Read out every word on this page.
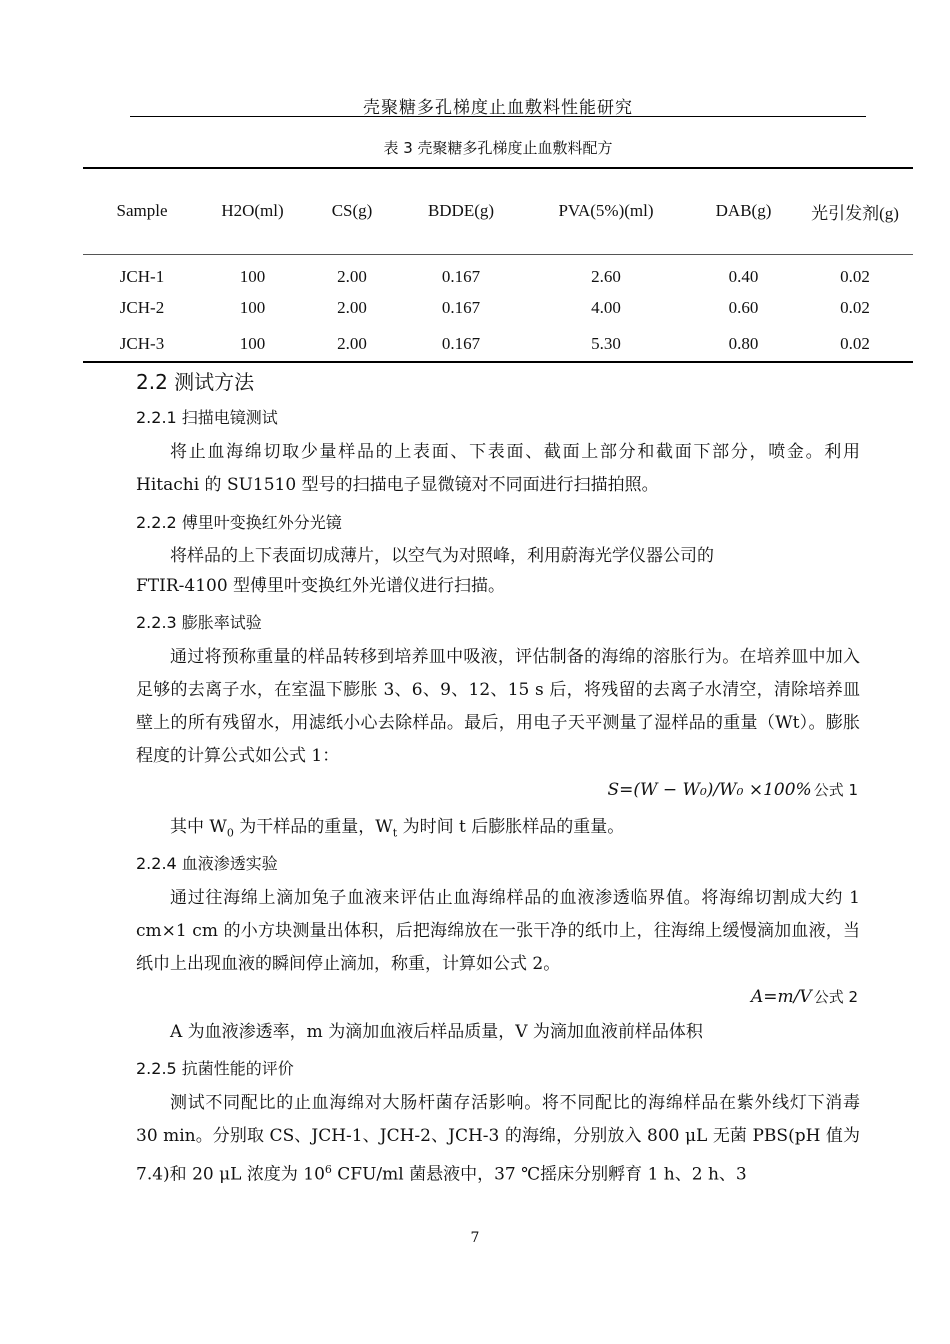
壳聚糖多孔梯度止血敷料性能研究
表 3 壳聚糖多孔梯度止血敷料配方
Sample	H2O(ml)	CS(g)	BDDE(g)	PVA(5%)(ml)	DAB(g)	光引发剂(g)
JCH-1	100	2.00	0.167	2.60	0.40	0.02
JCH-2	100	2.00	0.167	4.00	0.60	0.02
JCH-3	100	2.00	0.167	5.30	0.80	0.02
2.2 测试方法
2.2.1 扫描电镜测试
将止血海绵切取少量样品的上表面、下表面、截面上部分和截面下部分，喷金。利用 Hitachi 的 SU1510 型号的扫描电子显微镜对不同面进行扫描拍照。
2.2.2 傅里叶变换红外分光镜
将样品的上下表面切成薄片，以空气为对照峰，利用蔚海光学仪器公司的
FTIR-4100 型傅里叶变换红外光谱仪进行扫描。
2.2.3 膨胀率试验
通过将预称重量的样品转移到培养皿中吸液，评估制备的海绵的溶胀行为。在培养皿中加入足够的去离子水，在室温下膨胀 3、6、9、12、15 s 后，将残留的去离子水清空，清除培养皿壁上的所有残留水，用滤纸小心去除样品。最后，用电子天平测量了湿样品的重量（Wt）。膨胀程度的计算公式如公式 1：
S=(W − W₀)/W₀ ×100% 公式 1
其中 $W_0$ 为干样品的重量，$W_t$ 为时间 t 后膨胀样品的重量。
2.2.4 血液渗透实验
通过往海绵上滴加兔子血液来评估止血海绵样品的血液渗透临界值。将海绵切割成大约 1 cm×1 cm 的小方块测量出体积，后把海绵放在一张干净的纸巾上，往海绵上缓慢滴加血液，当纸巾上出现血液的瞬间停止滴加，称重，计算如公式 2。
A=m/V 公式 2
A 为血液渗透率，m 为滴加血液后样品质量，V 为滴加血液前样品体积
2.2.5 抗菌性能的评价
测试不同配比的止血海绵对大肠杆菌存活影响。将不同配比的海绵样品在紫外线灯下消毒 30 min。分别取 CS、JCH-1、JCH-2、JCH-3 的海绵，分别放入 800 μL 无菌 PBS(pH 值为 7.4)和 20 μL 浓度为 $10^6$ CFU/ml 菌悬液中，37 ℃摇床分别孵育 1 h、2 h、3
7
